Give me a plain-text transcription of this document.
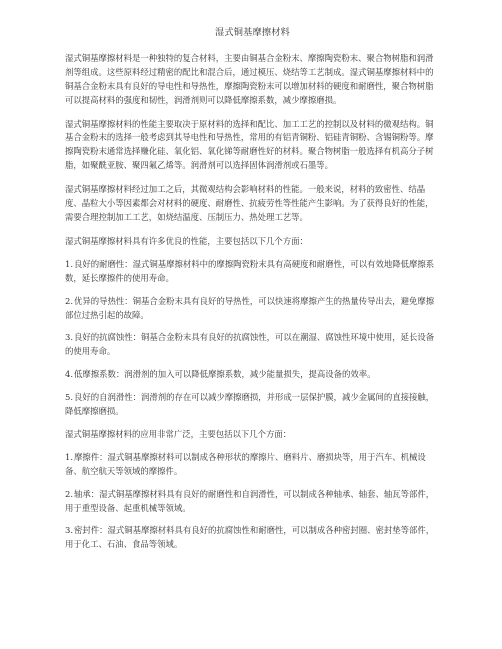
湿式铜基摩擦材料
湿式铜基摩擦材料是一种独特的复合材料，主要由铜基合金粉末、摩擦陶瓷粉末、聚合物树脂和润滑剂等组成。这些原料经过精密的配比和混合后，通过模压、烧结等工艺制成。湿式铜基摩擦材料中的铜基合金粉末具有良好的导电性和导热性，摩擦陶瓷粉末可以增加材料的硬度和耐磨性，聚合物树脂可以提高材料的强度和韧性，润滑剂则可以降低摩擦系数，减少摩擦磨损。
湿式铜基摩擦材料的性能主要取决于原材料的选择和配比、加工工艺的控制以及材料的微观结构。铜基合金粉末的选择一般考虑到其导电性和导热性，常用的有铝青铜粉、铝硅青铜粉、含锡铜粉等。摩擦陶瓷粉末通常选择赚化硅、氧化铝、氧化锑等耐磨性好的材料。聚合物树脂一般选择有机高分子树脂，如聚酰亚胺、聚四氟乙烯等。润滑剂可以选择固体润滑剂或石墨等。
湿式铜基摩擦材料经过加工之后，其微观结构会影响材料的性能。一般来说，材料的致密性、结晶度、晶粒大小等因素都会对材料的硬度、耐磨性、抗疲劳性等性能产生影响。为了获得良好的性能，需要合理控制加工工艺，如烧结温度、压制压力、热处理工艺等。
湿式铜基摩擦材料具有许多优良的性能，主要包括以下几个方面：
1.良好的耐磨性：湿式铜基摩擦材料中的摩擦陶瓷粉末具有高硬度和耐磨性，可以有效地降低摩擦系数，延长摩擦件的使用寿命。
2.优异的导热性：铜基合金粉末具有良好的导热性，可以快速将摩擦产生的热量传导出去，避免摩擦部位过热引起的故障。
3.良好的抗腐蚀性：铜基合金粉末具有良好的抗腐蚀性，可以在潮湿、腐蚀性环境中使用，延长设备的使用寿命。
4.低摩擦系数：润滑剂的加入可以降低摩擦系数，减少能量损失，提高设备的效率。
5.良好的自润滑性：润滑剂的存在可以减少摩擦磨损，并形成一层保护膜，减少金属间的直接接触，降低摩擦磨损。
湿式铜基摩擦材料的应用非常广泛，主要包括以下几个方面：
1.摩擦件：湿式铜基摩擦材料可以制成各种形状的摩擦片、磨料片、磨损块等，用于汽车、机械设备、航空航天等领域的摩擦件。
2.轴承：湿式铜基摩擦材料具有良好的耐磨性和自润滑性，可以制成各种轴承、轴套、轴瓦等部件，用于重型设备、起重机械等领域。
3.密封件：湿式铜基摩擦材料具有良好的抗腐蚀性和耐磨性，可以制成各种密封圈、密封垫等部件，用于化工、石油、食品等领域。
